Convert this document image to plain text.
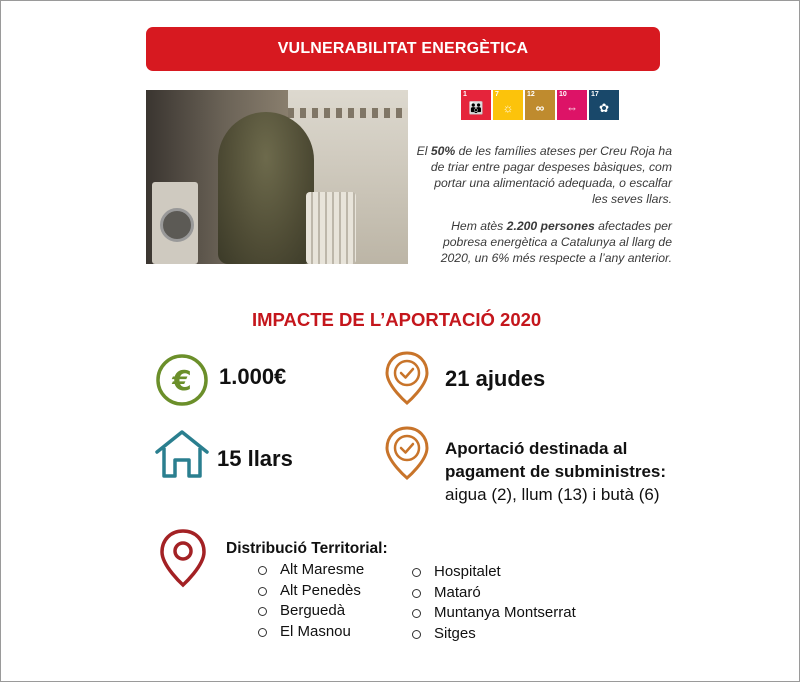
VULNERABILITAT ENERGÈTICA
1
👪
7
☼
12
∞
10
⇔
17
✿
El 50% de les famílies ateses per Creu Roja ha de triar entre pagar despeses bàsiques, com portar una alimentació adequada, o escalfar les seves llars.
Hem atès 2.200 persones afectades per pobresa energètica a Catalunya al llarg de 2020, un 6% més respecte a l’any anterior.
IMPACTE DE L’APORTACIÓ 2020
€ 1.000€	21 ajudes
15 llars	Aportació destinada al
pagament de subministres:
aigua (2), llum (13) i butà (6)
Distribució Territorial:
Alt Maresme
Alt Penedès
Berguedà
El Masnou
Hospitalet
Mataró
Muntanya Montserrat
Sitges
